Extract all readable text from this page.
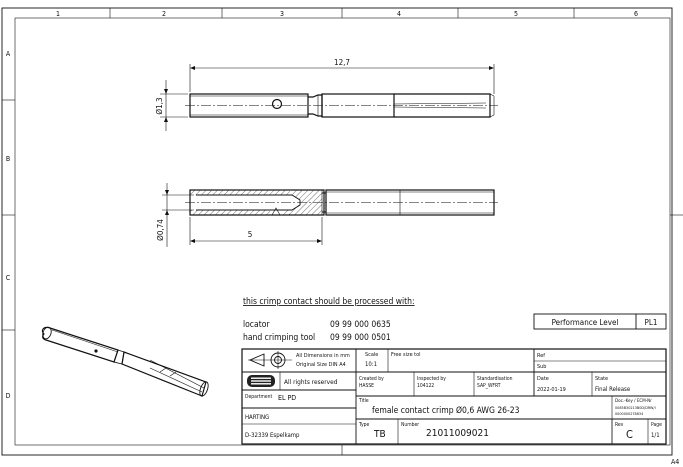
1	2	3	4	5	6
A
B
C
D
A4
12,7
Ø1,3
Ø0,74	5
this crimp contact should be processed with:
locator	09 99 000 0635
hand crimping tool 09 99 000 0501
Performance Level	PL1
All Dimensions in mm
Original Size DIN A4
Scale
10:1
Free size tol	Ref
Sub
All rights reserved	Created by
HASSE
Inspected by
104122
Standardisation
SAP_WFRT
Date
2022-01-19
State
Final Release
Department EL PD	Title
female contact crimp Ø0,6 AWG 26-23
Doc.-Key / ECM-Nr
0085B30213B0D/DRW/I
0000000278634
HARTING
D-32339 Espelkamp
Type
TB
Number
21011009021
Rev
C
Page
1/1
